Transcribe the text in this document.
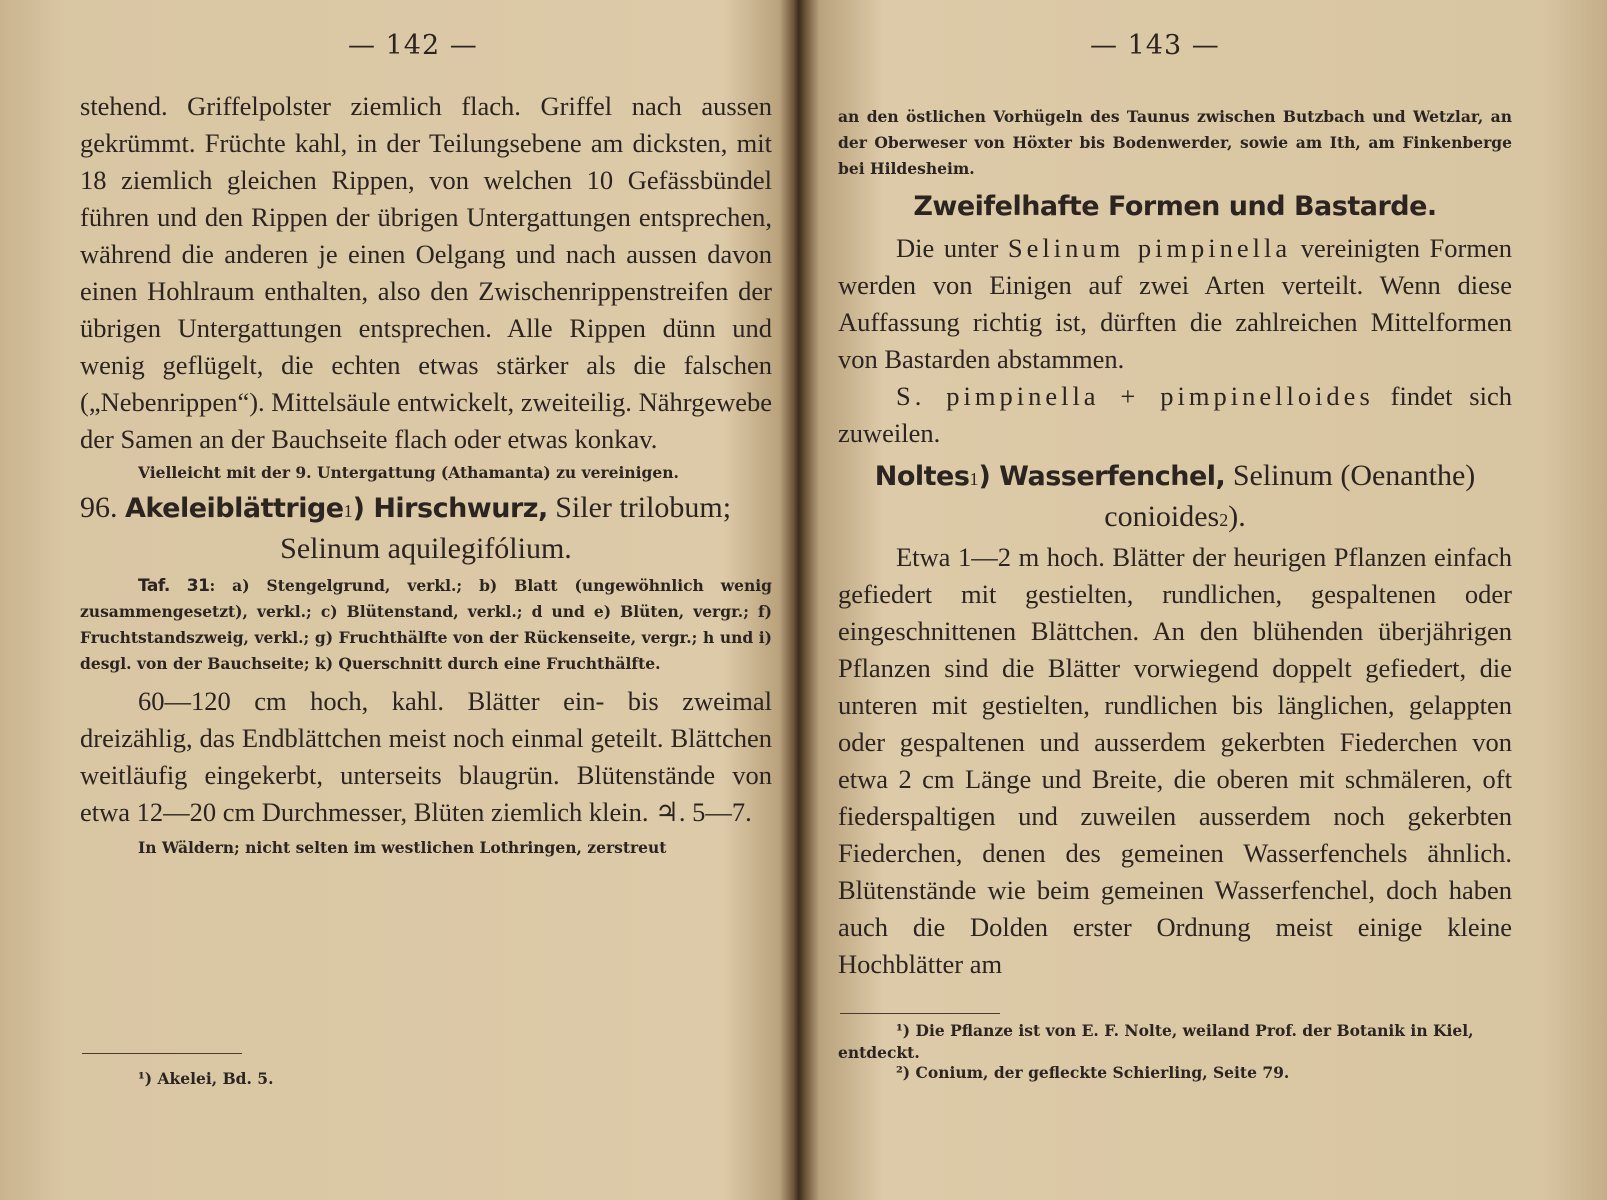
— 142 —

stehend. Griffelpolster ziemlich flach. Griffel nach aussen gekrümmt. Früchte kahl, in der Teilungsebene am dicksten, mit 18 ziemlich gleichen Rippen, von welchen 10 Gefässbündel führen und den Rippen der übrigen Untergattungen entsprechen, während die anderen je einen Oelgang und nach aussen davon einen Hohlraum enthalten, also den Zwischenrippenstreifen der übrigen Untergattungen entsprechen. Alle Rippen dünn und wenig geflügelt, die echten etwas stärker als die falschen („Nebenrippen“). Mittelsäule entwickelt, zweiteilig. Nährgewebe der Samen an der Bauchseite flach oder etwas konkav.

Vielleicht mit der 9. Untergattung (Athamanta) zu vereinigen.

96. Akeleiblättrige$^1$) Hirschwurz, Siler trilobum;

Selinum aquilegifólium.

Taf. 31: a) Stengelgrund, verkl.; b) Blatt (ungewöhnlich wenig zusammengesetzt), verkl.; c) Blütenstand, verkl.; d und e) Blüten, vergr.; f) Fruchtstandszweig, verkl.; g) Fruchthälfte von der Rückenseite, vergr.; h und i) desgl. von der Bauchseite; k) Querschnitt durch eine Fruchthälfte.

60—120 cm hoch, kahl. Blätter ein- bis zweimal dreizählig, das Endblättchen meist noch einmal geteilt. Blättchen weitläufig eingekerbt, unterseits blaugrün. Blütenstände von etwa 12—20 cm Durchmesser, Blüten ziemlich klein. ♃. 5—7.

In Wäldern; nicht selten im westlichen Lothringen, zerstreut

¹) Akelei, Bd. 5.
— 143 —

an den östlichen Vorhügeln des Taunus zwischen Butzbach und Wetzlar, an der Oberweser von Höxter bis Bodenwerder, sowie am Ith, am Finkenberge bei Hildesheim.

Zweifelhafte Formen und Bastarde.

Die unter Selinum pimpinella vereinigten Formen werden von Einigen auf zwei Arten verteilt. Wenn diese Auffassung richtig ist, dürften die zahlreichen Mittelformen von Bastarden abstammen.

S. pimpinella + pimpinelloides findet sich zuweilen.

Noltes$^1$) Wasserfenchel, Selinum (Oenanthe)

conioides$^2$).

Etwa 1—2 m hoch. Blätter der heurigen Pflanzen einfach gefiedert mit gestielten, rundlichen, gespaltenen oder eingeschnittenen Blättchen. An den blühenden überjährigen Pflanzen sind die Blätter vorwiegend doppelt gefiedert, die unteren mit gestielten, rundlichen bis länglichen, gelappten oder gespaltenen und ausserdem gekerbten Fiederchen von etwa 2 cm Länge und Breite, die oberen mit schmäleren, oft fiederspaltigen und zuweilen ausserdem noch gekerbten Fiederchen, denen des gemeinen Wasserfenchels ähnlich. Blütenstände wie beim gemeinen Wasserfenchel, doch haben auch die Dolden erster Ordnung meist einige kleine Hochblätter am

¹) Die Pflanze ist von E. F. Nolte, weiland Prof. der Botanik in Kiel, entdeckt.
²) Conium, der gefleckte Schierling, Seite 79.
